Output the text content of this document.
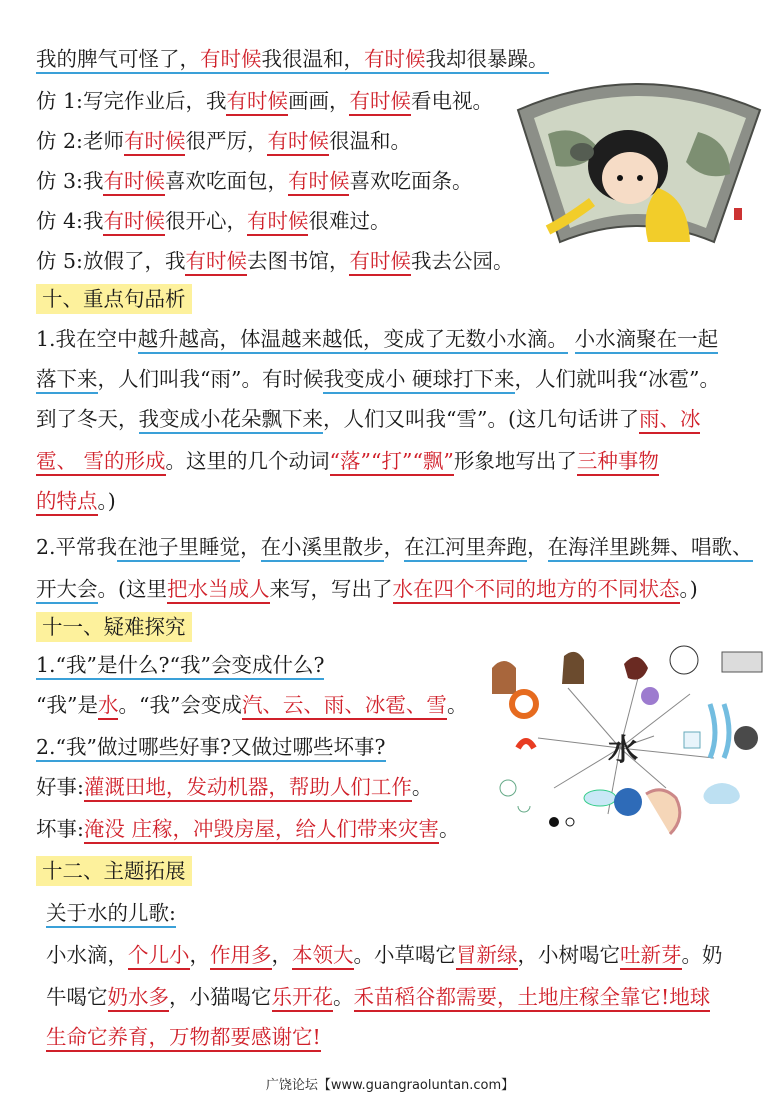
我的脾气可怪了，有时候我很温和，有时候我却很暴躁。
仿 1:写完作业后，我有时候画画，有时候看电视。
仿 2:老师有时候很严厉，有时候很温和。
仿 3:我有时候喜欢吃面包，有时候喜欢吃面条。
仿 4:我有时候很开心，有时候很难过。
仿 5:放假了，我有时候去图书馆，有时候我去公园。
十、重点句品析
1.我在空中越升越高，体温越来越低，变成了无数小水滴。 小水滴聚在一起
落下来，人们叫我“雨”。有时候我变成小 硬球打下来，人们就叫我“冰雹”。
到了冬天，我变成小花朵飘下来，人们又叫我“雪”。(这几句话讲了雨、冰
雹、 雪的形成。这里的几个动词“落”“打”“飘”形象地写出了三种事物
的特点。)
2.平常我在池子里睡觉，在小溪里散步，在江河里奔跑，在海洋里跳舞、唱歌、
开大会。(这里把水当成人来写，写出了水在四个不同的地方的不同状态。)
十一、疑难探究
1.“我”是什么?“我”会变成什么?
“我”是水。“我”会变成汽、云、雨、冰雹、雪。
2.“我”做过哪些好事?又做过哪些坏事?
好事:灌溉田地，发动机器，帮助人们工作。
坏事:淹没 庄稼，冲毁房屋，给人们带来灾害。
水
十二、主题拓展
关于水的儿歌:
小水滴，个儿小，作用多，本领大。小草喝它冒新绿，小树喝它吐新芽。奶
牛喝它奶水多，小猫喝它乐开花。禾苗稻谷都需要，土地庄稼全靠它!地球
生命它养育，万物都要感谢它!
广饶论坛【www.guangraoluntan.com】
